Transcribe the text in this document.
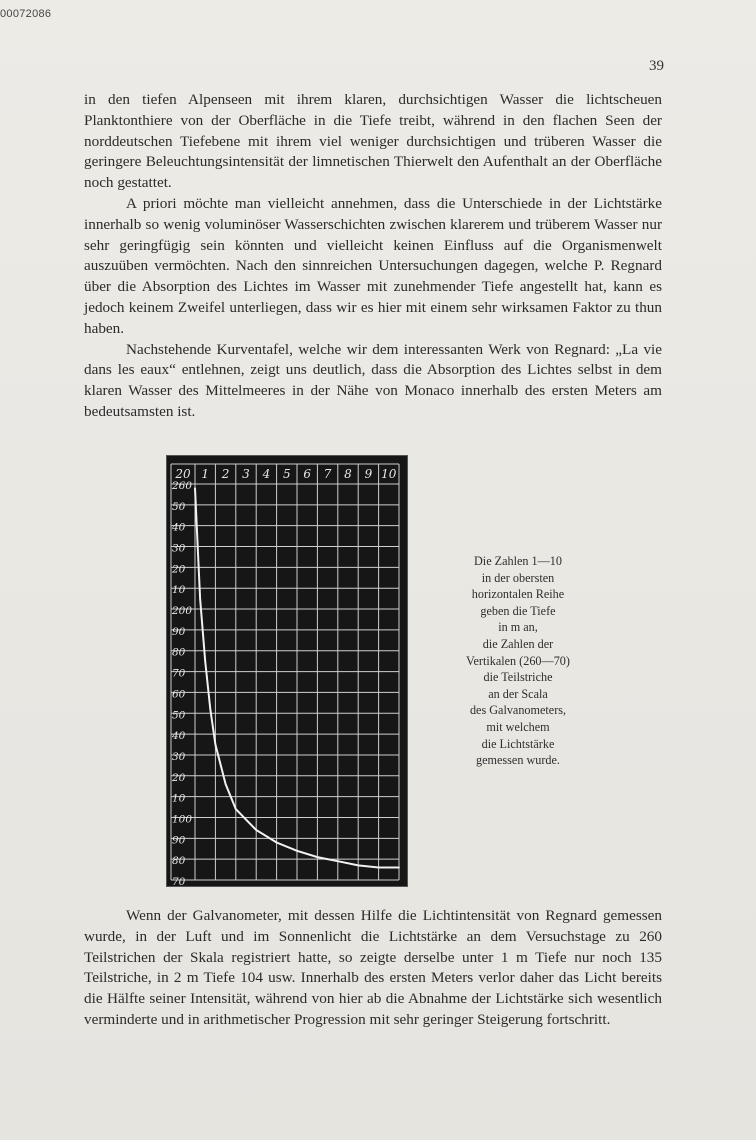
00072086
39

in den tiefen Alpenseen mit ihrem klaren, durchsichtigen Wasser die lichtscheuen Planktonthiere von der Oberfläche in die Tiefe treibt, während in den flachen Seen der norddeutschen Tiefebene mit ihrem viel weniger durchsichtigen und trüberen Wasser die geringere Beleuchtungsintensität der limnetischen Thierwelt den Aufenthalt an der Oberfläche noch gestattet.

A priori möchte man vielleicht annehmen, dass die Unterschiede in der Lichtstärke innerhalb so wenig voluminöser Wasserschichten zwischen klarerem und trüberem Wasser nur sehr geringfügig sein könnten und vielleicht keinen Einfluss auf die Organismenwelt auszuüben vermöchten. Nach den sinnreichen Untersuchungen dagegen, welche P. Regnard über die Absorption des Lichtes im Wasser mit zunehmender Tiefe angestellt hat, kann es jedoch keinem Zweifel unterliegen, dass wir es hier mit einem sehr wirksamen Faktor zu thun haben.

Nachstehende Kurventafel, welche wir dem interessanten Werk von Regnard: „La vie dans les eaux“ entlehnen, zeigt uns deutlich, dass die Absorption des Lichtes selbst in dem klaren Wasser des Mittelmeeres in der Nähe von Monaco innerhalb des ersten Meters am bedeutsamsten ist.

20 1 2 3 4 5 6 7 8 9 10
260
50
40
30
20
10
200
90
80
70
60
50
40
30
20
10
100
90
80
70
Die Zahlen 1—10
in der obersten
horizontalen Reihe
geben die Tiefe
in m an,
die Zahlen der
Vertikalen (260—70)
die Teilstriche
an der Scala
des Galvanometers,
mit welchem
die Lichtstärke
gemessen wurde.

Wenn der Galvanometer, mit dessen Hilfe die Lichtintensität von Regnard gemessen wurde, in der Luft und im Sonnenlicht die Lichtstärke an dem Versuchstage zu 260 Teilstrichen der Skala registriert hatte, so zeigte derselbe unter 1 m Tiefe nur noch 135 Teilstriche, in 2 m Tiefe 104 usw. Innerhalb des ersten Meters verlor daher das Licht bereits die Hälfte seiner Intensität, während von hier ab die Abnahme der Lichtstärke sich wesentlich verminderte und in arithmetischer Progression mit sehr geringer Steigerung fortschritt.
